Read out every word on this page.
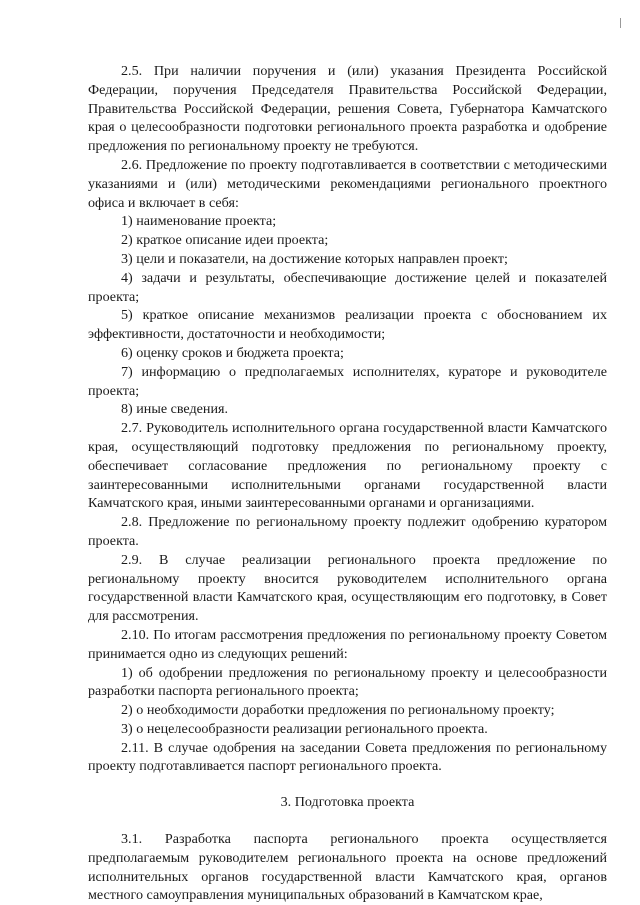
2.5. При наличии поручения и (или) указания Президента Российской Федерации, поручения Председателя Правительства Российской Федерации, Правительства Российской Федерации, решения Совета, Губернатора Камчатского края о целесообразности подготовки регионального проекта разработка и одобрение предложения по региональному проекту не требуются.

2.6. Предложение по проекту подготавливается в соответствии с методическими указаниями и (или) методическими рекомендациями регионального проектного офиса и включает в себя:

1) наименование проекта;

2) краткое описание идеи проекта;

3) цели и показатели, на достижение которых направлен проект;

4) задачи и результаты, обеспечивающие достижение целей и показателей проекта;

5) краткое описание механизмов реализации проекта с обоснованием их эффективности, достаточности и необходимости;

6) оценку сроков и бюджета проекта;

7) информацию о предполагаемых исполнителях, кураторе и руководителе проекта;

8) иные сведения.

2.7. Руководитель исполнительного органа государственной власти Камчатского края, осуществляющий подготовку предложения по региональному проекту, обеспечивает согласование предложения по региональному проекту с заинтересованными исполнительными органами государственной власти Камчатского края, иными заинтересованными органами и организациями.

2.8. Предложение по региональному проекту подлежит одобрению куратором проекта.

2.9. В случае реализации регионального проекта предложение по региональному проекту вносится руководителем исполнительного органа государственной власти Камчатского края, осуществляющим его подготовку, в Совет для рассмотрения.

2.10. По итогам рассмотрения предложения по региональному проекту Советом принимается одно из следующих решений:

1) об одобрении предложения по региональному проекту и целесообразности разработки паспорта регионального проекта;

2) о необходимости доработки предложения по региональному проекту;

3) о нецелесообразности реализации регионального проекта.

2.11. В случае одобрения на заседании Совета предложения по региональному проекту подготавливается паспорт регионального проекта.

3. Подготовка проекта

3.1. Разработка паспорта регионального проекта осуществляется предполагаемым руководителем регионального проекта на основе предложений исполнительных органов государственной власти Камчатского края, органов местного самоуправления муниципальных образований в Камчатском крае,
